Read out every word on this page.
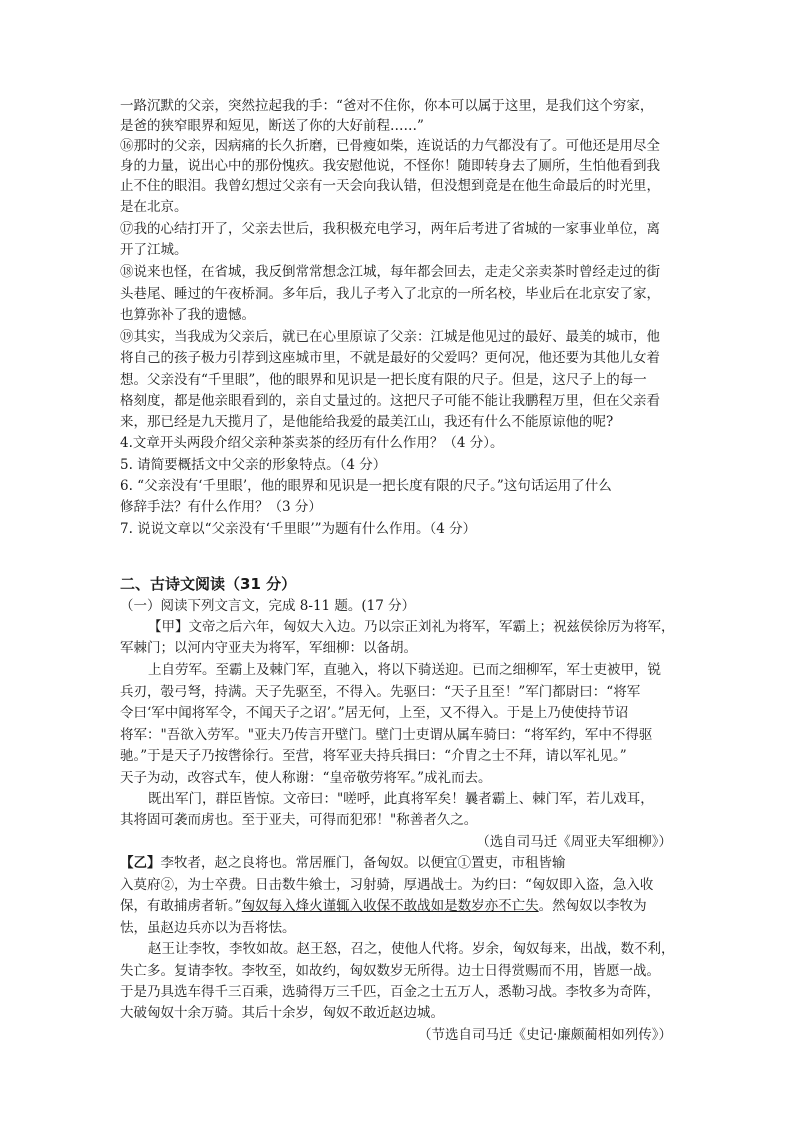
一路沉默的父亲，突然拉起我的手：“爸对不住你，你本可以属于这里，是我们这个穷家，
是爸的狭窄眼界和短见，断送了你的大好前程……”
⑯那时的父亲，因病痛的长久折磨，已骨瘦如柴，连说话的力气都没有了。可他还是用尽全
身的力量，说出心中的那份愧疚。我安慰他说，不怪你！随即转身去了厕所，生怕他看到我
止不住的眼泪。我曾幻想过父亲有一天会向我认错，但没想到竟是在他生命最后的时光里，
是在北京。
⑰我的心结打开了，父亲去世后，我积极充电学习，两年后考进了省城的一家事业单位，离
开了江城。
⑱说来也怪，在省城，我反倒常常想念江城，每年都会回去，走走父亲卖茶时曾经走过的街
头巷尾、睡过的午夜桥洞。多年后，我儿子考入了北京的一所名校，毕业后在北京安了家，
也算弥补了我的遗憾。
⑲其实，当我成为父亲后，就已在心里原谅了父亲：江城是他见过的最好、最美的城市，他
将自己的孩子极力引荐到这座城市里，不就是最好的父爱吗？更何况，他还要为其他儿女着
想。父亲没有“千里眼”，他的眼界和见识是一把长度有限的尺子。但是，这尺子上的每一
格刻度，都是他亲眼看到的，亲自丈量过的。这把尺子可能不能让我鹏程万里，但在父亲看
来，那已经是九天揽月了，是他能给我爱的最美江山，我还有什么不能原谅他的呢?
4.文章开头两段介绍父亲种茶卖茶的经历有什么作用？（4 分）。
5. 请简要概括文中父亲的形象特点。（4 分）
6. “父亲没有‘千里眼’，他的眼界和见识是一把长度有限的尺子。”这句话运用了什么
修辞手法？有什么作用？（3 分）
7. 说说文章以“父亲没有‘千里眼’”为题有什么作用。（4 分）
二、古诗文阅读（31 分）
（一）阅读下列文言文，完成 8-11 题。(17 分）
【甲】文帝之后六年，匈奴大入边。乃以宗正刘礼为将军，军霸上；祝兹侯徐厉为将军，
军棘门；以河内守亚夫为将军，军细柳：以备胡。
上自劳军。至霸上及棘门军，直驰入，将以下骑送迎。已而之细柳军，军士吏被甲，锐
兵刃，彀弓弩，持满。天子先驱至，不得入。先驱曰：“天子且至！”军门都尉曰：“将军
令曰‘军中闻将军令，不闻天子之诏’。”居无何，上至，又不得入。于是上乃使使持节诏
将军："吾欲入劳军。"亚夫乃传言开壁门。壁门士吏谓从属车骑曰：“将军约，军中不得驱
驰。”于是天子乃按辔徐行。至营，将军亚夫持兵揖曰：“介胄之士不拜，请以军礼见。”
天子为动，改容式车，使人称谢：“皇帝敬劳将军。”成礼而去。
既出军门，群臣皆惊。文帝曰："嗟呼，此真将军矣！曩者霸上、棘门军，若儿戏耳，
其将固可袭而虏也。至于亚夫，可得而犯邪！"称善者久之。
（选自司马迁《周亚夫军细柳》）
【乙】李牧者，赵之良将也。常居雁门，备匈奴。以便宜①置吏，市租皆输
入莫府②，为士卒费。日击数牛飨士，习射骑，厚遇战士。为约曰：“匈奴即入盗，急入收
保，有敢捕虏者斩。”匈奴每入烽火谨辄入收保不敢战如是数岁亦不亡失。然匈奴以李牧为
怯，虽赵边兵亦以为吾将怯。
赵王让李牧，李牧如故。赵王怒，召之，使他人代将。岁余，匈奴每来，出战，数不利，
失亡多。复请李牧。李牧至，如故约，匈奴数岁无所得。边士日得赏赐而不用，皆愿一战。
于是乃具选车得千三百乘，选骑得万三千匹，百金之士五万人，悉勒习战。李牧多为奇阵，
大破匈奴十余万骑。其后十余岁，匈奴不敢近赵边城。
（节选自司马迁《史记·廉颇蔺相如列传》）
